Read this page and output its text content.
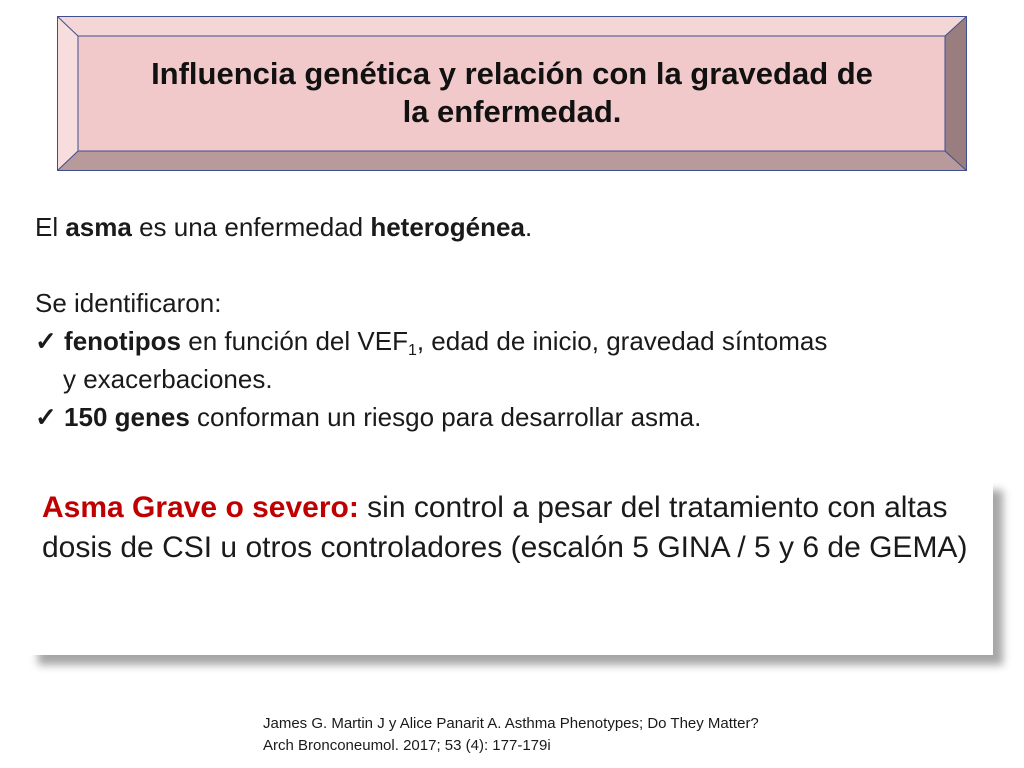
Influencia genética y relación con la gravedad de
la enfermedad.

El asma es una enfermedad heterogénea.

Se identificaron:

✓ fenotipos en función del $VEF_1$, edad de inicio, gravedad síntomas

y exacerbaciones.

✓ 150 genes conforman un riesgo para desarrollar asma.

Asma Grave o severo: sin control a pesar del tratamiento con altas dosis de CSI u otros controladores (escalón 5 GINA / 5 y 6 de GEMA)

James G. Martin J y Alice Panarit A. Asthma Phenotypes; Do They Matter?

Arch Bronconeumol. 2017; 53 (4): 177-179i
